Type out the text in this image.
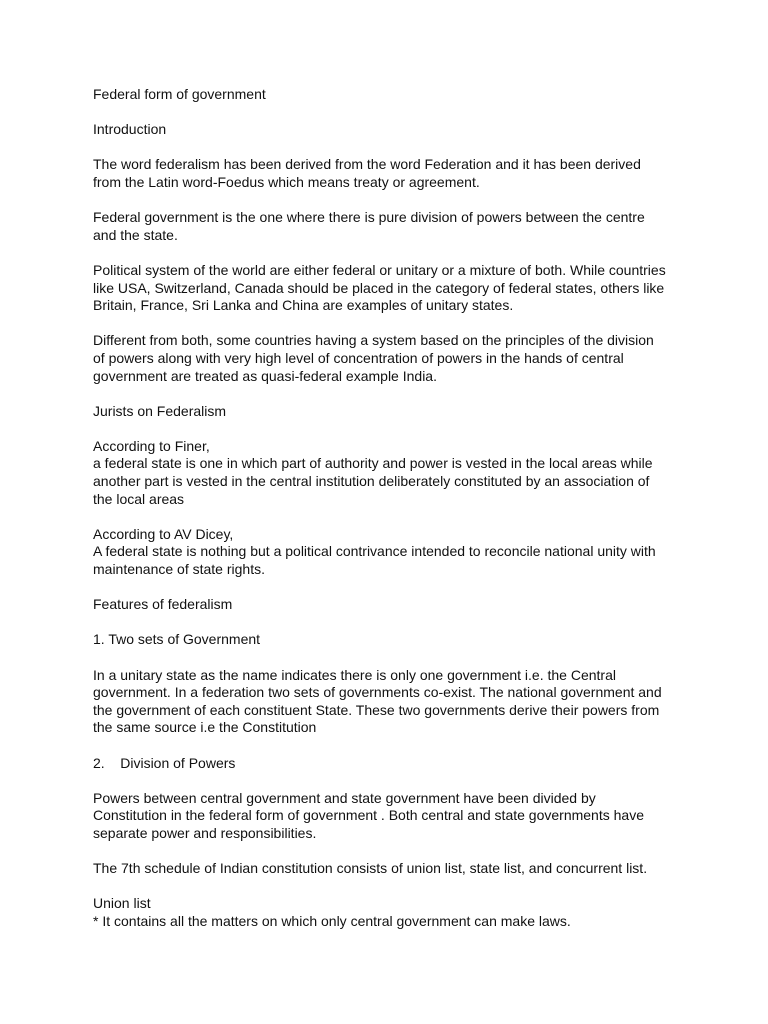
Federal form of government

Introduction

The word federalism has been derived from the word Federation and it has been derived
from the Latin word-Foedus which means treaty or agreement.

Federal government is the one where there is pure division of powers between the centre
and the state.

Political system of the world are either federal or unitary or a mixture of both. While countries
like USA, Switzerland, Canada should be placed in the category of federal states, others like
Britain, France, Sri Lanka and China are examples of unitary states.

Different from both, some countries having a system based on the principles of the division
of powers along with very high level of concentration of powers in the hands of central
government are treated as quasi-federal example India.

Jurists on Federalism

According to Finer,
a federal state is one in which part of authority and power is vested in the local areas while
another part is vested in the central institution deliberately constituted by an association of
the local areas

According to AV Dicey,
A federal state is nothing but a political contrivance intended to reconcile national unity with
maintenance of state rights.

Features of federalism

1. Two sets of Government

In a unitary state as the name indicates there is only one government i.e. the Central
government. In a federation two sets of governments co-exist. The national government and
the government of each constituent State. These two governments derive their powers from
the same source i.e the Constitution

2.    Division of Powers

Powers between central government and state government have been divided by
Constitution in the federal form of government . Both central and state governments have
separate power and responsibilities.

The 7th schedule of Indian constitution consists of union list, state list, and concurrent list.

Union list
* It contains all the matters on which only central government can make laws.
